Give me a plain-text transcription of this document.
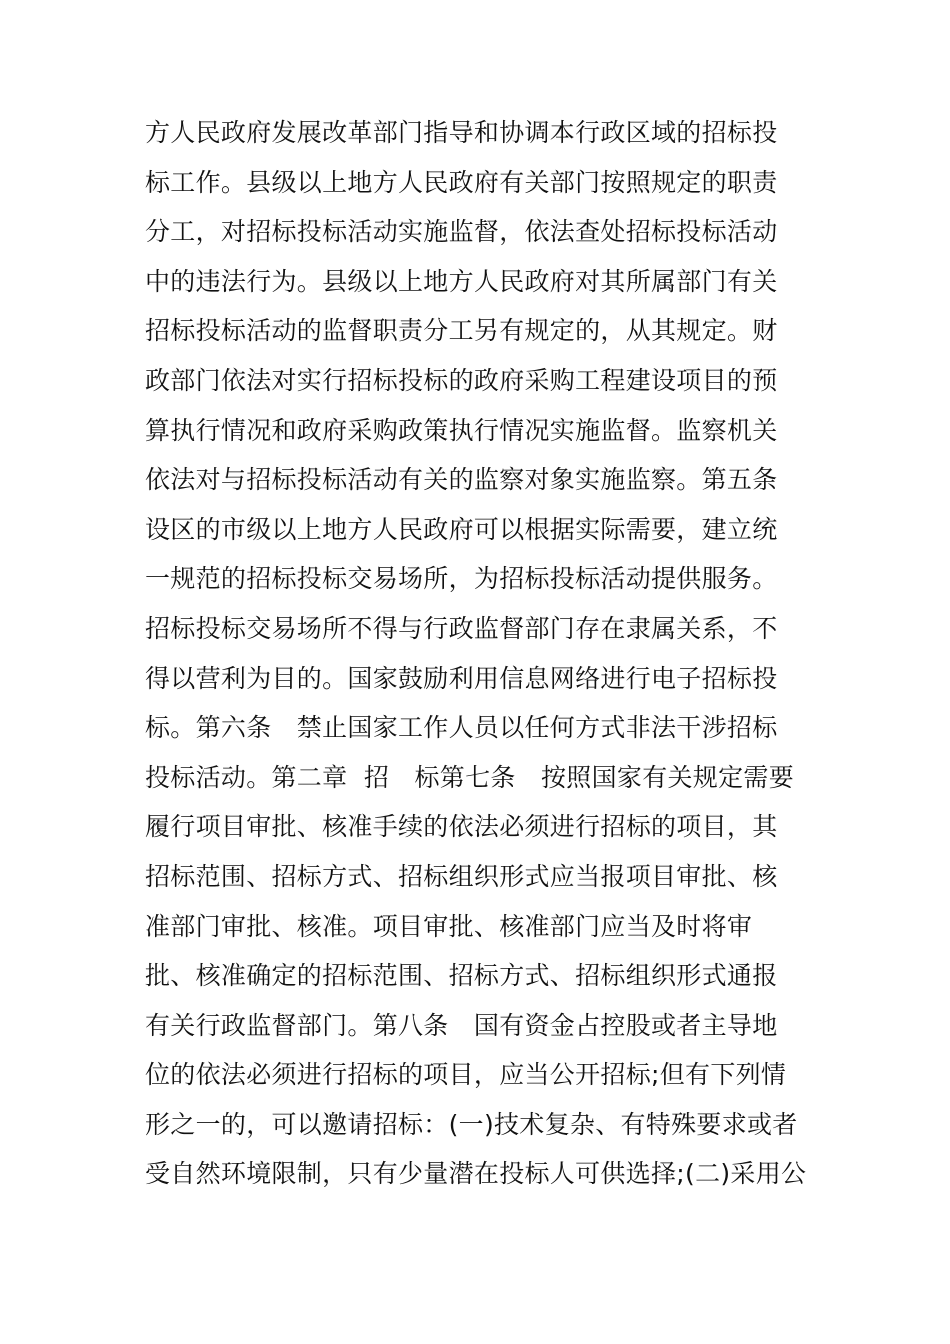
方人民政府发展改革部门指导和协调本行政区域的招标投
标工作。县级以上地方人民政府有关部门按照规定的职责
分工，对招标投标活动实施监督，依法查处招标投标活动
中的违法行为。县级以上地方人民政府对其所属部门有关
招标投标活动的监督职责分工另有规定的，从其规定。财
政部门依法对实行招标投标的政府采购工程建设项目的预
算执行情况和政府采购政策执行情况实施监督。监察机关
依法对与招标投标活动有关的监察对象实施监察。第五条
设区的市级以上地方人民政府可以根据实际需要，建立统
一规范的招标投标交易场所，为招标投标活动提供服务。
招标投标交易场所不得与行政监督部门存在隶属关系，不
得以营利为目的。国家鼓励利用信息网络进行电子招标投
标。第六条　禁止国家工作人员以任何方式非法干涉招标
投标活动。第二章  招　标第七条　按照国家有关规定需要
履行项目审批、核准手续的依法必须进行招标的项目，其
招标范围、招标方式、招标组织形式应当报项目审批、核
准部门审批、核准。项目审批、核准部门应当及时将审
批、核准确定的招标范围、招标方式、招标组织形式通报
有关行政监督部门。第八条　国有资金占控股或者主导地
位的依法必须进行招标的项目，应当公开招标;但有下列情
形之一的，可以邀请招标：(一)技术复杂、有特殊要求或者
受自然环境限制，只有少量潜在投标人可供选择;(二)采用公
